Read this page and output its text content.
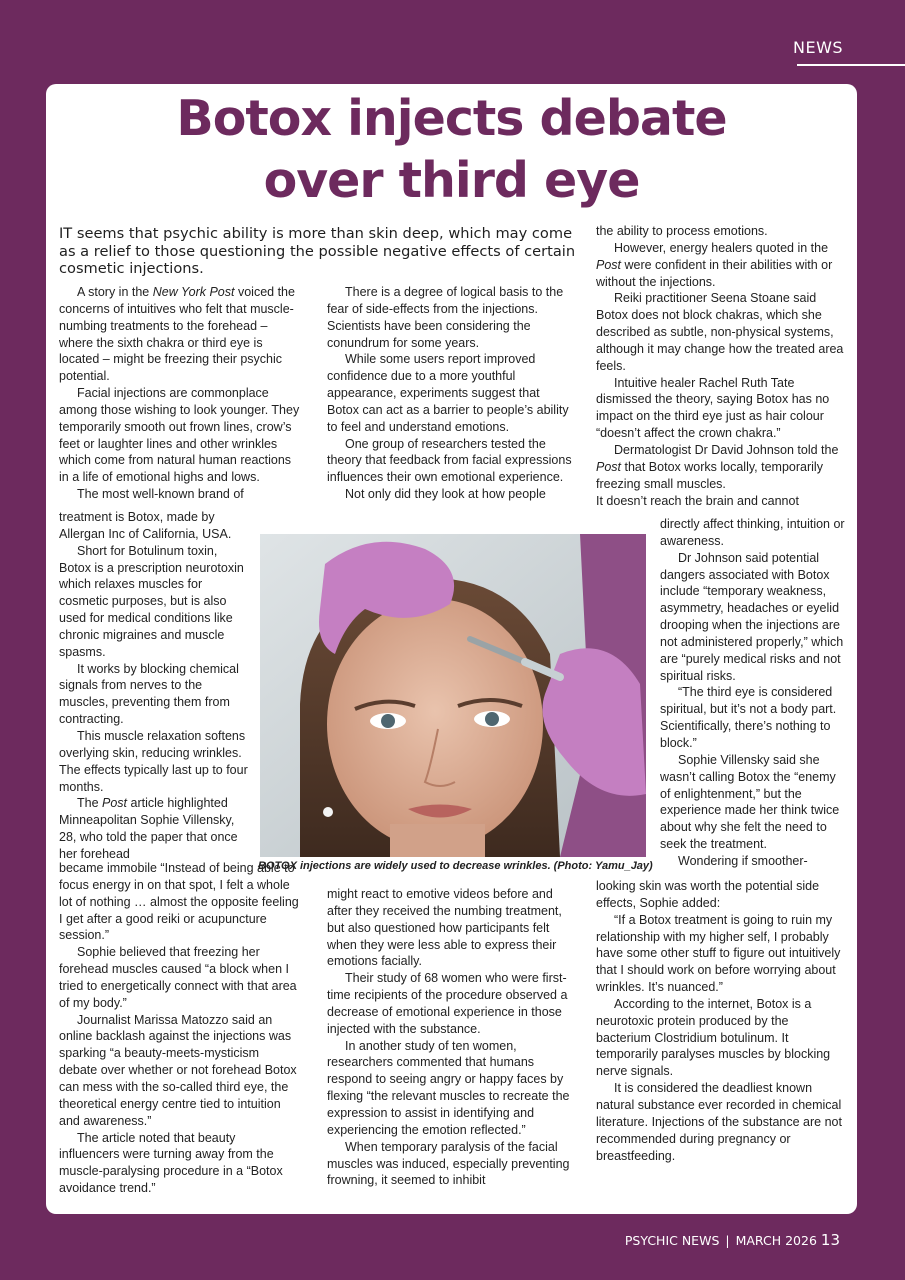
NEWS
Botox injects debate
over third eye
IT seems that psychic ability is more than skin deep, which may come as a relief to those questioning the possible negative effects of certain cosmetic injections.

A story in the New York Post voiced the concerns of intuitives who felt that muscle-numbing treatments to the forehead – where the sixth chakra or third eye is located – might be freezing their psychic potential.

Facial injections are commonplace among those wishing to look younger. They temporarily smooth out frown lines, crow’s feet or laughter lines and other wrinkles which come from natural human reactions in a life of emotional highs and lows.

The most well-known brand of

treatment is Botox, made by Allergan Inc of California, USA.

Short for Botulinum toxin, Botox is a prescription neurotoxin which relaxes muscles for cosmetic purposes, but is also used for medical conditions like chronic migraines and muscle spasms.

It works by blocking chemical signals from nerves to the muscles, preventing them from contracting.

This muscle relaxation softens overlying skin, reducing wrinkles. The effects typically last up to four months.

The Post article highlighted Minneapolitan Sophie Villensky, 28, who told the paper that once her forehead

became immobile “Instead of being able to focus energy in on that spot, I felt a whole lot of nothing … almost the opposite feeling I get after a good reiki or acupuncture session.”

Sophie believed that freezing her forehead muscles caused “a block when I tried to energetically connect with that area of my body.”

Journalist Marissa Matozzo said an online backlash against the injections was sparking “a beauty-meets-mysticism debate over whether or not forehead Botox can mess with the so-called third eye, the theoretical energy centre tied to intuition and awareness.”

The article noted that beauty influencers were turning away from the muscle-paralysing procedure in a “Botox avoidance trend.”

There is a degree of logical basis to the fear of side-effects from the injections. Scientists have been considering the conundrum for some years.

While some users report improved confidence due to a more youthful appearance, experiments suggest that Botox can act as a barrier to people’s ability to feel and understand emotions.

One group of researchers tested the theory that feedback from facial expressions influences their own emotional experience.

Not only did they look at how people

might react to emotive videos before and after they received the numbing treatment, but also questioned how participants felt when they were less able to express their emotions facially.

Their study of 68 women who were first-time recipients of the procedure observed a decrease of emotional experience in those injected with the substance.

In another study of ten women, researchers commented that humans respond to seeing angry or happy faces by flexing “the relevant muscles to recreate the expression to assist in identifying and experiencing the emotion reflected.”

When temporary paralysis of the facial muscles was induced, especially preventing frowning, it seemed to inhibit

the ability to process emotions.

However, energy healers quoted in the Post were confident in their abilities with or without the injections.

Reiki practitioner Seena Stoane said Botox does not block chakras, which she described as subtle, non-physical systems, although it may change how the treated area feels.

Intuitive healer Rachel Ruth Tate dismissed the theory, saying Botox has no impact on the third eye just as hair colour “doesn’t affect the crown chakra.”

Dermatologist Dr David Johnson told the Post that Botox works locally, temporarily freezing small muscles.

It doesn’t reach the brain and cannot

directly affect thinking, intuition or awareness.

Dr Johnson said potential dangers associated with Botox include “temporary weakness, asymmetry, headaches or eyelid drooping when the injections are not administered properly,” which are “purely medical risks and not spiritual risks.

“The third eye is considered spiritual, but it’s not a body part. Scientifically, there’s nothing to block.”

Sophie Villensky said she wasn’t calling Botox the “enemy of enlightenment,” but the experience made her think twice about why she felt the need to seek the treatment.

Wondering if smoother-

looking skin was worth the potential side effects, Sophie added:

“If a Botox treatment is going to ruin my relationship with my higher self, I probably have some other stuff to figure out intuitively that I should work on before worrying about wrinkles. It’s nuanced.”

According to the internet, Botox is a neurotoxic protein produced by the bacterium Clostridium botulinum. It temporarily paralyses muscles by blocking nerve signals.

It is considered the deadliest known natural substance ever recorded in chemical literature. Injections of the substance are not recommended during pregnancy or breastfeeding.

BOTOX injections are widely used to decrease wrinkles. (Photo: Yamu_Jay)
PSYCHIC NEWS | MARCH 2026 13
